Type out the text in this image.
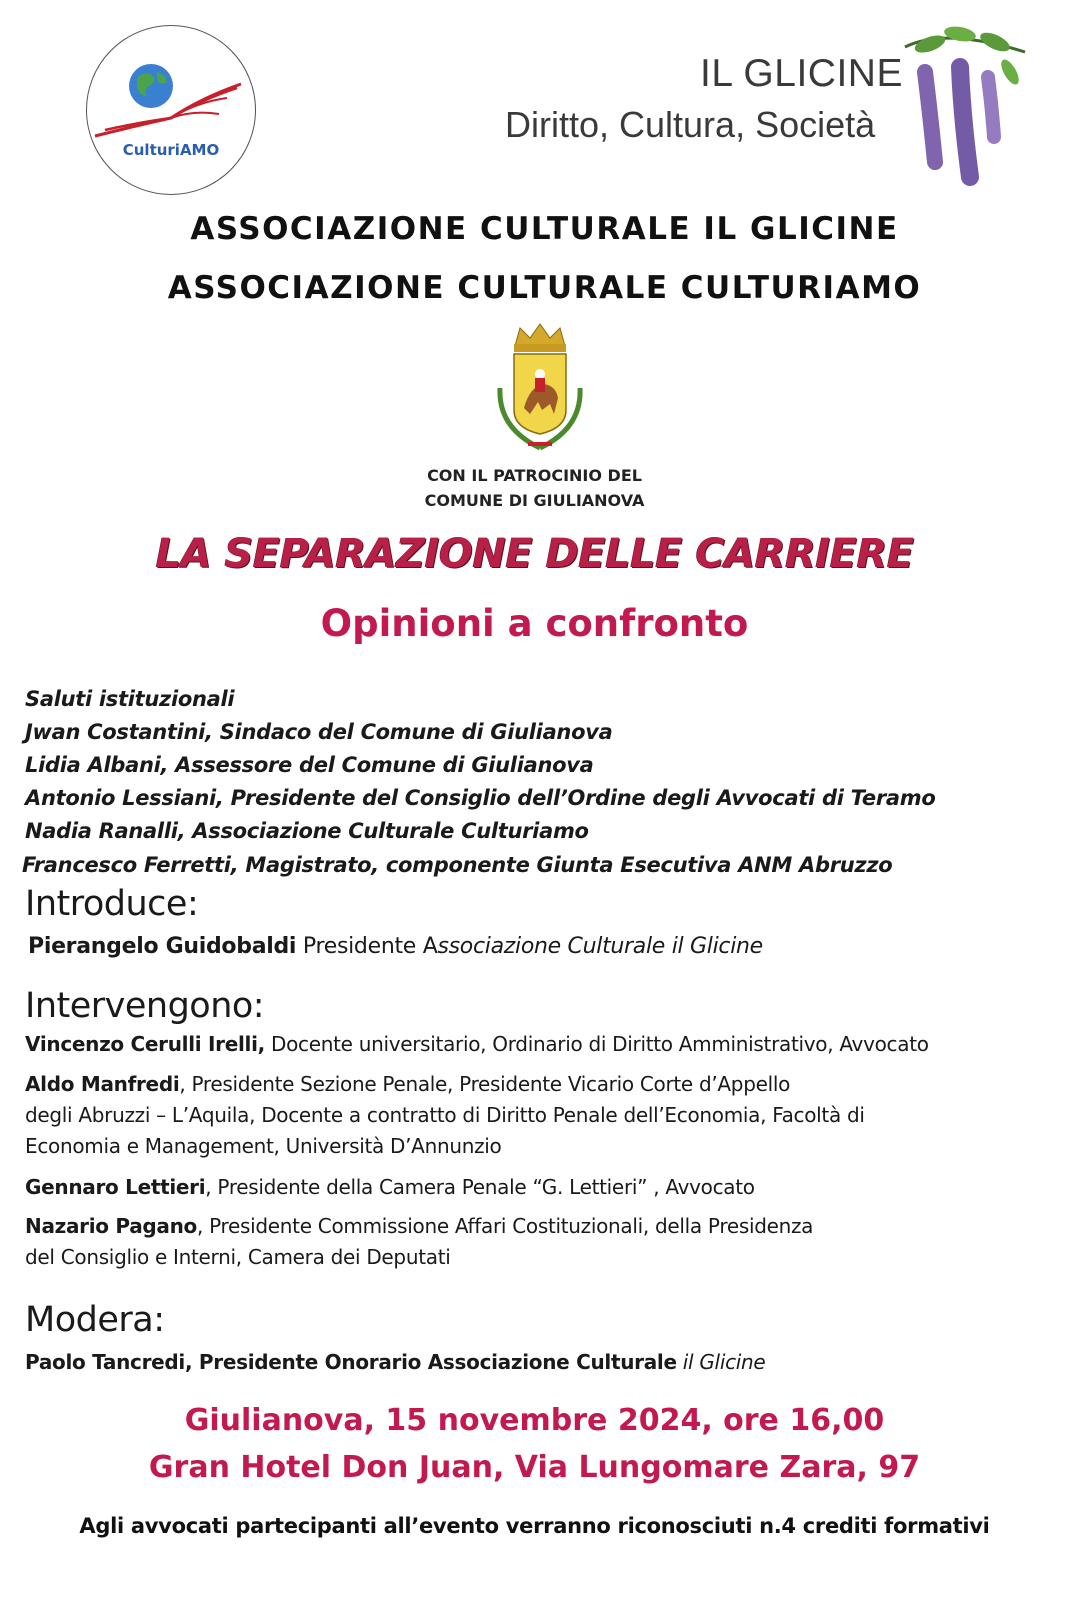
CulturiAMO
IL GLICINE
Diritto, Cultura, Società
ASSOCIAZIONE CULTURALE IL GLICINE
ASSOCIAZIONE CULTURALE CULTURIAMO
CON IL PATROCINIO DEL
COMUNE DI GIULIANOVA
LA SEPARAZIONE DELLE CARRIERE
Opinioni a confronto
Saluti istituzionali
Jwan Costantini, Sindaco del Comune di Giulianova
Lidia Albani, Assessore del Comune di Giulianova
Antonio Lessiani, Presidente del Consiglio dell’Ordine degli Avvocati di Teramo
Nadia Ranalli, Associazione Culturale Culturiamo
Francesco Ferretti, Magistrato, componente Giunta Esecutiva ANM Abruzzo
Introduce:
Pierangelo Guidobaldi Presidente Associazione Culturale il Glicine
Intervengono:
Vincenzo Cerulli Irelli, Docente universitario, Ordinario di Diritto Amministrativo, Avvocato
Aldo Manfredi, Presidente Sezione Penale, Presidente Vicario Corte d’Appello
degli Abruzzi – L’Aquila, Docente a contratto di Diritto Penale dell’Economia, Facoltà di
Economia e Management, Università D’Annunzio
Gennaro Lettieri, Presidente della Camera Penale “G. Lettieri” , Avvocato
Nazario Pagano, Presidente Commissione Affari Costituzionali, della Presidenza
del Consiglio e Interni, Camera dei Deputati
Modera:
Paolo Tancredi, Presidente Onorario Associazione Culturale il Glicine
Giulianova, 15 novembre 2024, ore 16,00
Gran Hotel Don Juan, Via Lungomare Zara, 97
Agli avvocati partecipanti all’evento verranno riconosciuti n.4 crediti formativi
